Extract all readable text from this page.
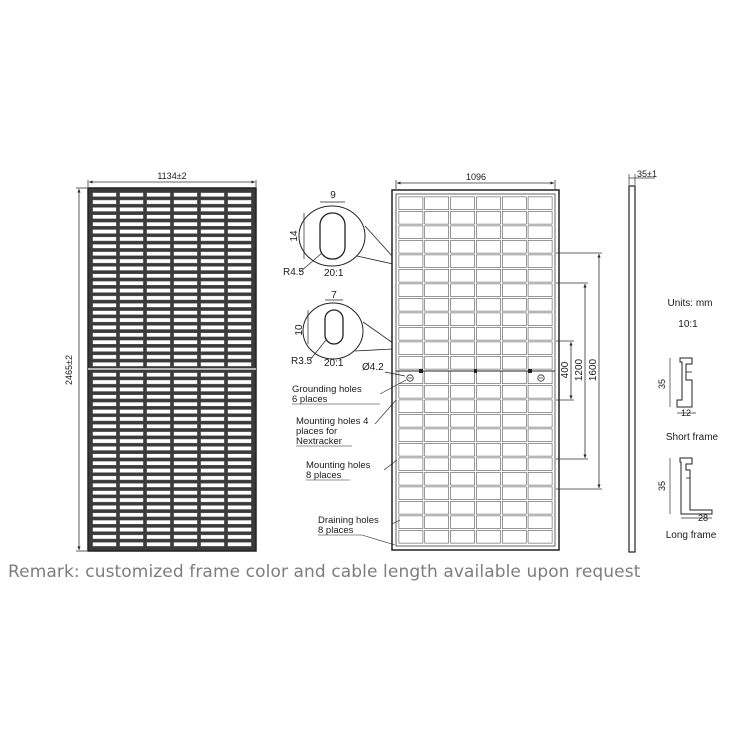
1134±2
2465±2
9
14
R4.5 20:1
7
10
R3.5 20:1
1096
400 1200 1600
Ø4.2
Grounding holes
6 places
Mounting holes 4
places for
Nextracker
Mounting holes
8 places
Draining holes
8 places
35±1
Units: mm
10:1
35
12
Short frame
35
28
Long frame
Remark: customized frame color and cable length available upon request
